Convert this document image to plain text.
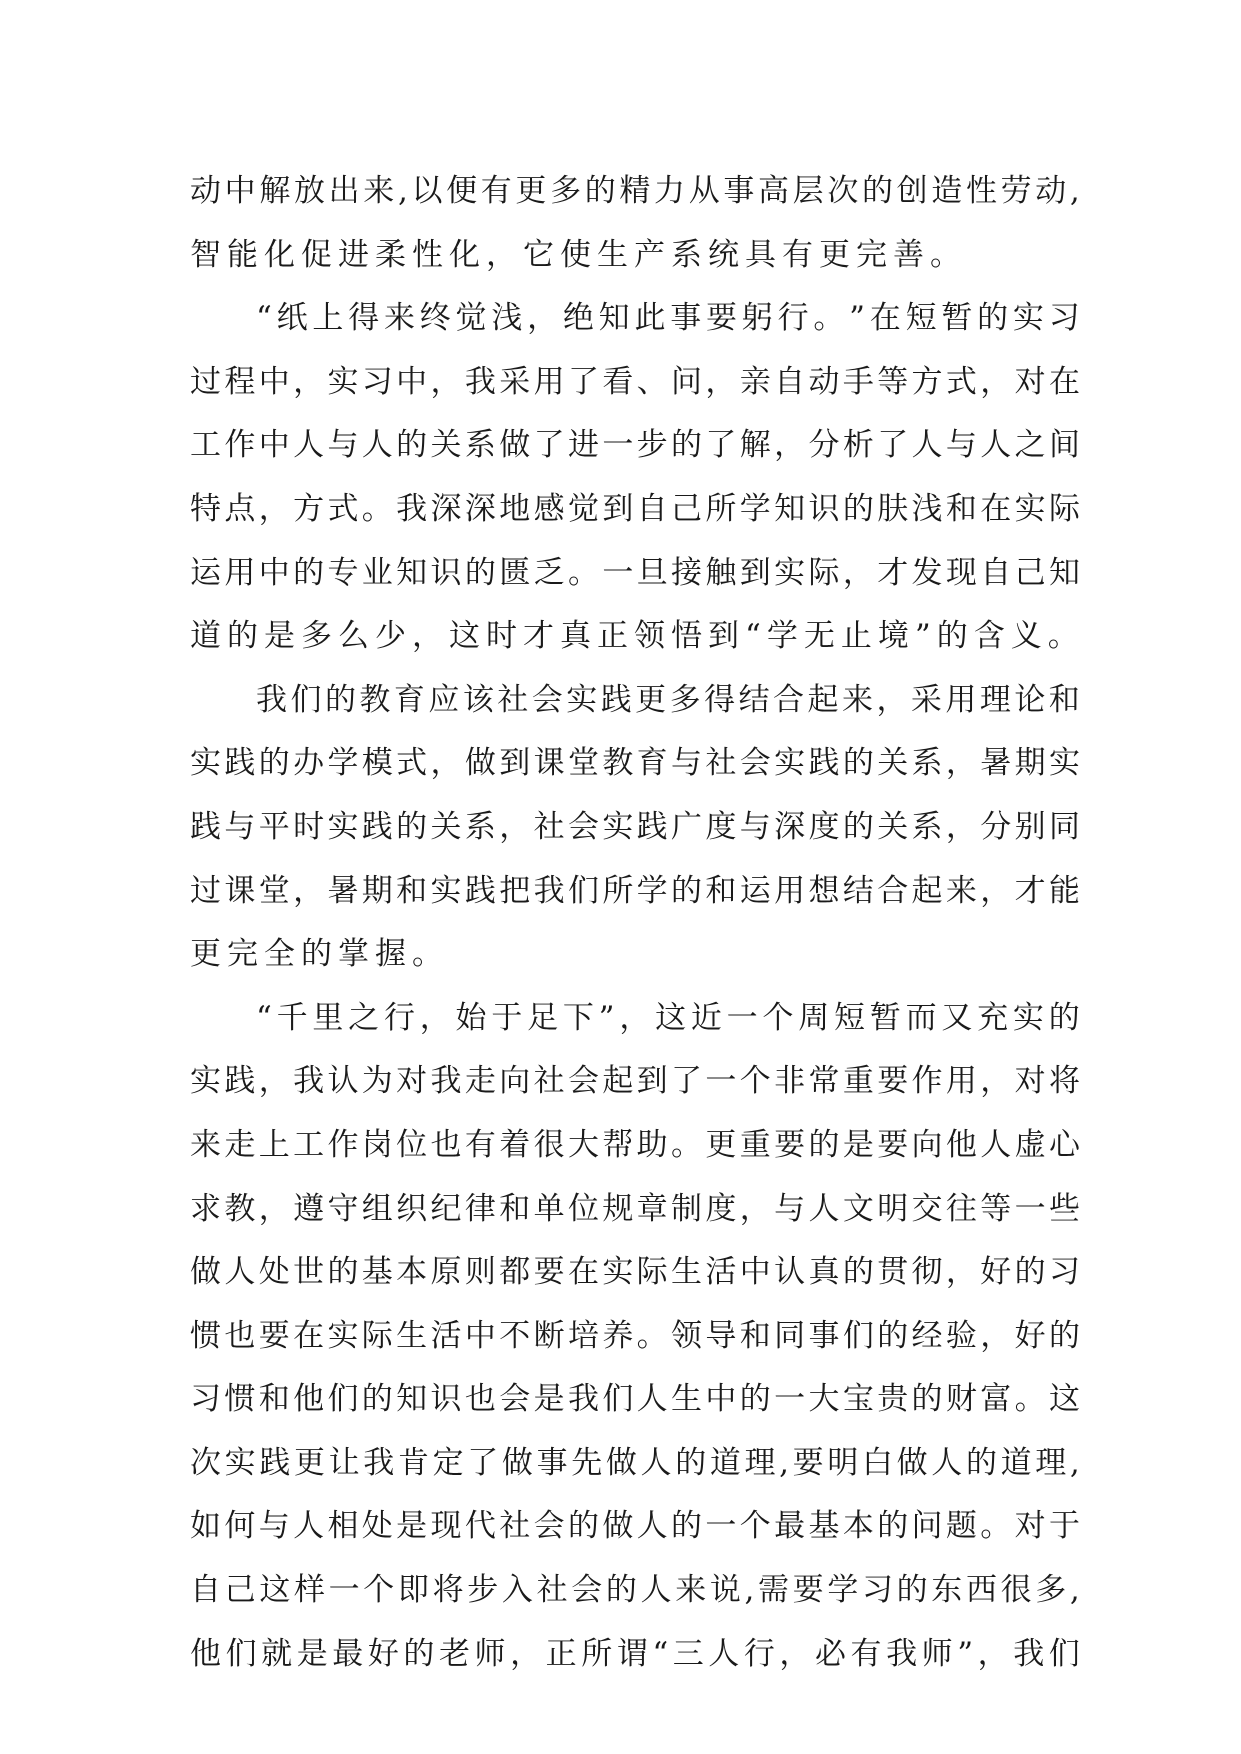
动 中 解 放 出 来 , 以 便 有 更 多 的 精 力 从 事 高 层 次 的 创 造 性 劳 动 ,
智能化促进柔性化，它使生产系统具有更完善。
“ 纸 上 得 来 终 觉 浅 ， 绝 知 此 事 要 躬 行 。 ” 在 短 暂 的 实 习
过 程 中 ， 实 习 中 ， 我 采 用 了 看 、 问 ， 亲 自 动 手 等 方 式 ， 对 在
工 作 中 人 与 人 的 关 系 做 了 进 一 步 的 了 解 ， 分 析 了 人 与 人 之 间
特 点 ， 方 式 。 我 深 深 地 感 觉 到 自 己 所 学 知 识 的 肤 浅 和 在 实 际
运 用 中 的 专 业 知 识 的 匮 乏 。 一 旦 接 触 到 实 际 ， 才 发 现 自 己 知
道的是多么少，这时才真正领悟到“学无止境”的含义。
我 们 的 教 育 应 该 社 会 实 践 更 多 得 结 合 起 来 ， 采 用 理 论 和
实 践 的 办 学 模 式 ， 做 到 课 堂 教 育 与 社 会 实 践 的 关 系 ， 暑 期 实
践 与 平 时 实 践 的 关 系 ， 社 会 实 践 广 度 与 深 度 的 关 系 ， 分 别 同
过 课 堂 ， 暑 期 和 实 践 把 我 们 所 学 的 和 运 用 想 结 合 起 来 ， 才 能
更完全的掌握。
“ 千 里 之 行 ， 始 于 足 下 ” ， 这 近 一 个 周 短 暂 而 又 充 实 的
实 践 ， 我 认 为 对 我 走 向 社 会 起 到 了 一 个 非 常 重 要 作 用 ， 对 将
来 走 上 工 作 岗 位 也 有 着 很 大 帮 助 。 更 重 要 的 是 要 向 他 人 虚 心
求 教 ， 遵 守 组 织 纪 律 和 单 位 规 章 制 度 ， 与 人 文 明 交 往 等 一 些
做 人 处 世 的 基 本 原 则 都 要 在 实 际 生 活 中 认 真 的 贯 彻 ， 好 的 习
惯 也 要 在 实 际 生 活 中 不 断 培 养 。 领 导 和 同 事 们 的 经 验 ， 好 的
习 惯 和 他 们 的 知 识 也 会 是 我 们 人 生 中 的 一 大 宝 贵 的 财 富 。 这
次 实 践 更 让 我 肯 定 了 做 事 先 做 人 的 道 理 , 要 明 白 做 人 的 道 理 ,
如 何 与 人 相 处 是 现 代 社 会 的 做 人 的 一 个 最 基 本 的 问 题 。 对 于
自 己 这 样 一 个 即 将 步 入 社 会 的 人 来 说 , 需 要 学 习 的 东 西 很 多 ,
他 们 就 是 最 好 的 老 师 ， 正 所 谓 “ 三 人 行 ， 必 有 我 师 ” ， 我 们
